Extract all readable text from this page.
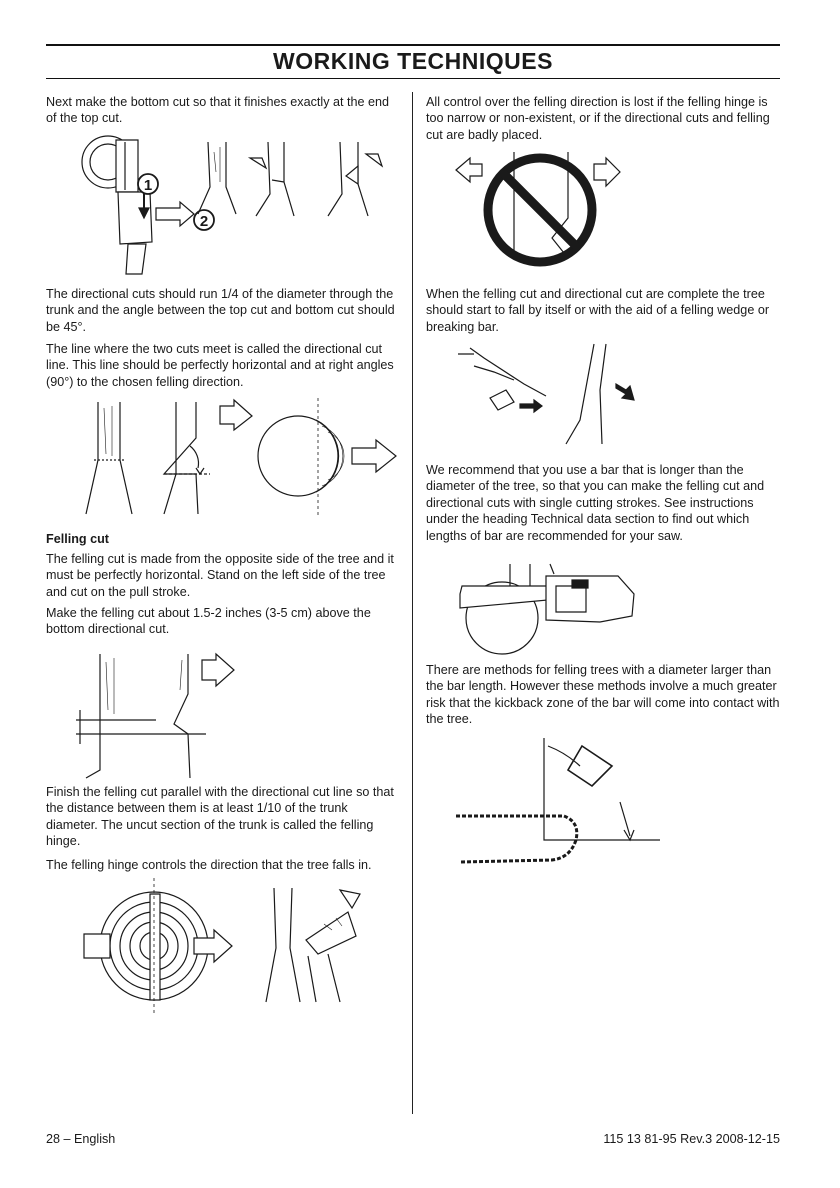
WORKING TECHNIQUES

Next make the bottom cut so that it finishes exactly at the end of the top cut.

1
2

The directional cuts should run 1/4 of the diameter through the trunk and the angle between the top cut and bottom cut should be 45°.

The line where the two cuts meet is called the directional cut line. This line should be perfectly horizontal and at right angles (90°) to the chosen felling direction.

Felling cut

The felling cut is made from the opposite side of the tree and it must be perfectly horizontal. Stand on the left side of the tree and cut on the pull stroke.

Make the felling cut about 1.5-2 inches (3-5 cm) above the bottom directional cut.

Finish the felling cut parallel with the directional cut line so that the distance between them is at least 1/10 of the trunk diameter. The uncut section of the trunk is called the felling hinge.

The felling hinge controls the direction that the tree falls in.

All control over the felling direction is lost if the felling hinge is too narrow or non-existent, or if the directional cuts and felling cut are badly placed.

When the felling cut and directional cut are complete the tree should start to fall by itself or with the aid of a felling wedge or breaking bar.

We recommend that you use a bar that is longer than the diameter of the tree, so that you can make the felling cut and directional cuts with single cutting strokes. See instructions under the heading Technical data section to find out which lengths of bar are recommended for your saw.

There are methods for felling trees with a diameter larger than the bar length. However these methods involve a much greater risk that the kickback zone of the bar will come into contact with the tree.

28 – English	115 13 81-95 Rev.3 2008-12-15
